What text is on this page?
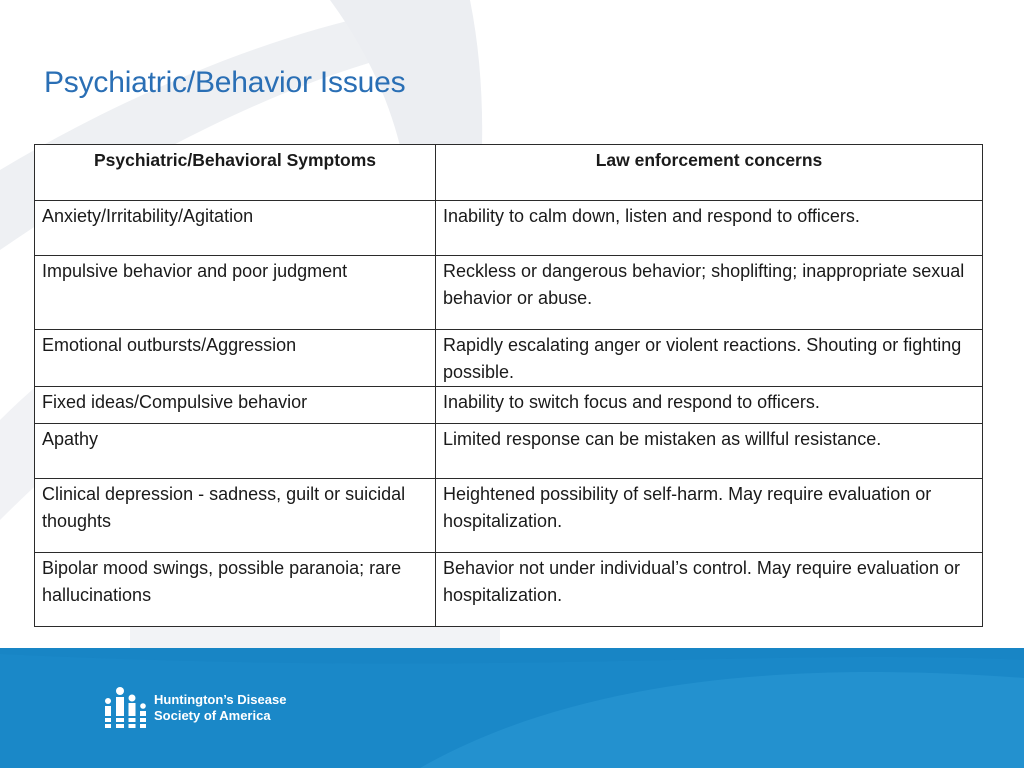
Psychiatric/Behavior Issues
Psychiatric/Behavioral Symptoms	Law enforcement concerns
Anxiety/Irritability/Agitation	Inability to calm down, listen and respond to officers.
Impulsive behavior and poor judgment	Reckless or dangerous behavior; shoplifting; inappropriate sexual behavior or abuse.
Emotional outbursts/Aggression	Rapidly escalating anger or violent reactions. Shouting or fighting possible.
Fixed ideas/Compulsive behavior	Inability to switch focus and respond to officers.
Apathy	Limited response can be mistaken as willful resistance.
Clinical depression - sadness, guilt or suicidal thoughts	Heightened possibility of self-harm. May require evaluation or hospitalization.
Bipolar mood swings, possible paranoia; rare hallucinations	Behavior not under individual’s control. May require evaluation or hospitalization.
Huntington’s Disease
Society of America
